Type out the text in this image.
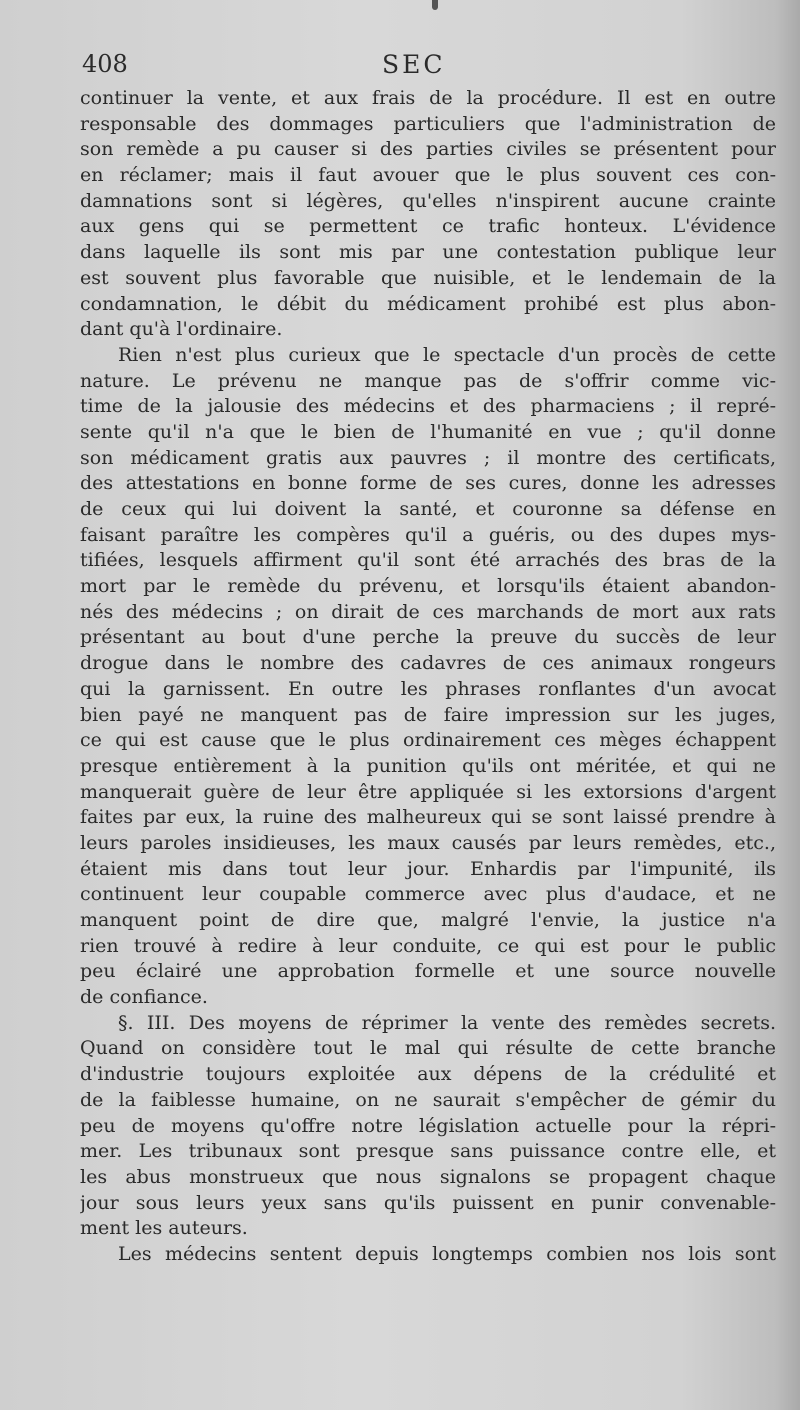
408	SEC
continuer la vente, et aux frais de la procédure. Il est en outre
responsable des dommages particuliers que l'administration de
son remède a pu causer si des parties civiles se présentent pour
en réclamer; mais il faut avouer que le plus souvent ces con-
damnations sont si légères, qu'elles n'inspirent aucune crainte
aux gens qui se permettent ce trafic honteux. L'évidence
dans laquelle ils sont mis par une contestation publique leur
est souvent plus favorable que nuisible, et le lendemain de la
condamnation, le débit du médicament prohibé est plus abon-
dant qu'à l'ordinaire.
Rien n'est plus curieux que le spectacle d'un procès de cette
nature. Le prévenu ne manque pas de s'offrir comme vic-
time de la jalousie des médecins et des pharmaciens ; il repré-
sente qu'il n'a que le bien de l'humanité en vue ; qu'il donne
son médicament gratis aux pauvres ; il montre des certificats,
des attestations en bonne forme de ses cures, donne les adresses
de ceux qui lui doivent la santé, et couronne sa défense en
faisant paraître les compères qu'il a guéris, ou des dupes mys-
tifiées, lesquels affirment qu'il sont été arrachés des bras de la
mort par le remède du prévenu, et lorsqu'ils étaient abandon-
nés des médecins ; on dirait de ces marchands de mort aux rats
présentant au bout d'une perche la preuve du succès de leur
drogue dans le nombre des cadavres de ces animaux rongeurs
qui la garnissent. En outre les phrases ronflantes d'un avocat
bien payé ne manquent pas de faire impression sur les juges,
ce qui est cause que le plus ordinairement ces mèges échappent
presque entièrement à la punition qu'ils ont méritée, et qui ne
manquerait guère de leur être appliquée si les extorsions d'argent
faites par eux, la ruine des malheureux qui se sont laissé prendre à
leurs paroles insidieuses, les maux causés par leurs remèdes, etc.,
étaient mis dans tout leur jour. Enhardis par l'impunité, ils
continuent leur coupable commerce avec plus d'audace, et ne
manquent point de dire que, malgré l'envie, la justice n'a
rien trouvé à redire à leur conduite, ce qui est pour le public
peu éclairé une approbation formelle et une source nouvelle
de confiance.
§. III. Des moyens de réprimer la vente des remèdes secrets.
Quand on considère tout le mal qui résulte de cette branche
d'industrie toujours exploitée aux dépens de la crédulité et
de la faiblesse humaine, on ne saurait s'empêcher de gémir du
peu de moyens qu'offre notre législation actuelle pour la répri-
mer. Les tribunaux sont presque sans puissance contre elle, et
les abus monstrueux que nous signalons se propagent chaque
jour sous leurs yeux sans qu'ils puissent en punir convenable-
ment les auteurs.
Les médecins sentent depuis longtemps combien nos lois sont
